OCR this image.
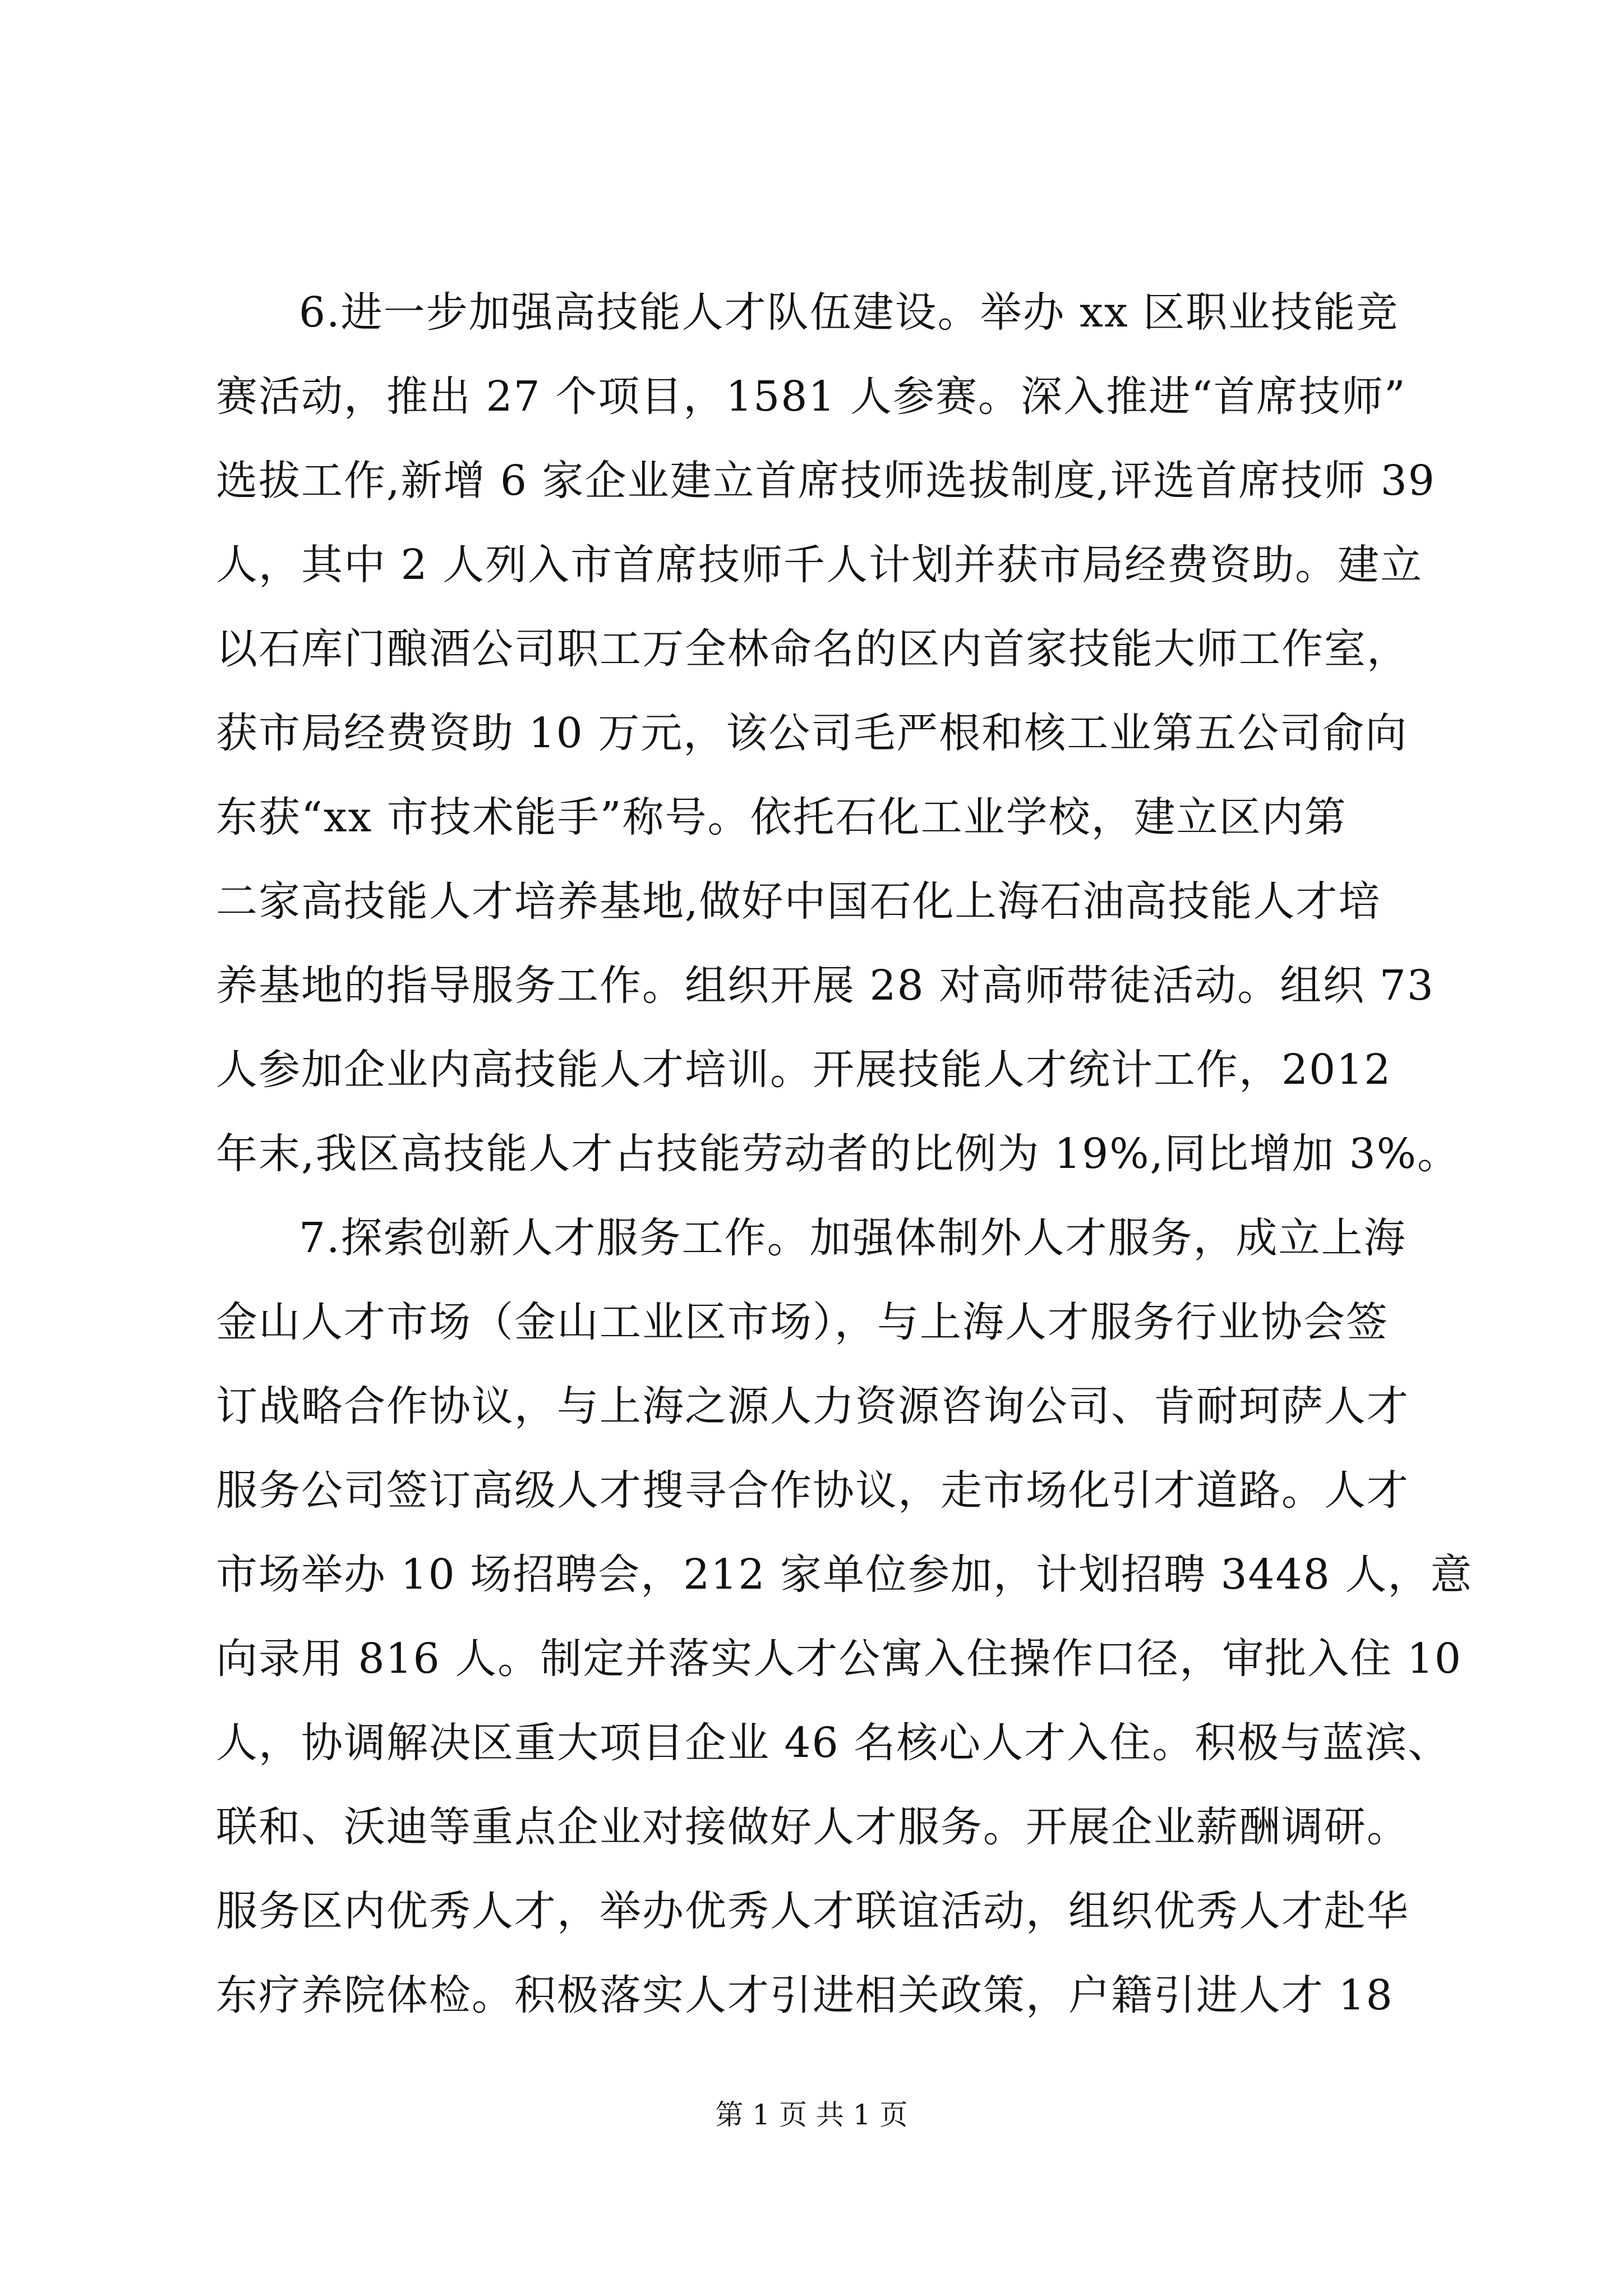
6.进一步加强高技能人才队伍建设。举办 xx 区职业技能竞
赛活动，推出 27 个项目，1581 人参赛。深入推进“首席技师”
选拔工作,新增 6 家企业建立首席技师选拔制度,评选首席技师 39
人，其中 2 人列入市首席技师千人计划并获市局经费资助。建立
以石库门酿酒公司职工万全林命名的区内首家技能大师工作室，
获市局经费资助 10 万元，该公司毛严根和核工业第五公司俞向
东获“xx 市技术能手”称号。依托石化工业学校，建立区内第
二家高技能人才培养基地,做好中国石化上海石油高技能人才培
养基地的指导服务工作。组织开展 28 对高师带徒活动。组织 73
人参加企业内高技能人才培训。开展技能人才统计工作，2012
年末,我区高技能人才占技能劳动者的比例为 19%,同比增加 3%。
7.探索创新人才服务工作。加强体制外人才服务，成立上海
金山人才市场（金山工业区市场），与上海人才服务行业协会签
订战略合作协议，与上海之源人力资源咨询公司、肯耐珂萨人才
服务公司签订高级人才搜寻合作协议，走市场化引才道路。人才
市场举办 10 场招聘会，212 家单位参加，计划招聘 3448 人，意
向录用 816 人。制定并落实人才公寓入住操作口径，审批入住 10
人，协调解决区重大项目企业 46 名核心人才入住。积极与蓝滨、
联和、沃迪等重点企业对接做好人才服务。开展企业薪酬调研。
服务区内优秀人才，举办优秀人才联谊活动，组织优秀人才赴华
东疗养院体检。积极落实人才引进相关政策，户籍引进人才 18
第 1 页 共 1 页
